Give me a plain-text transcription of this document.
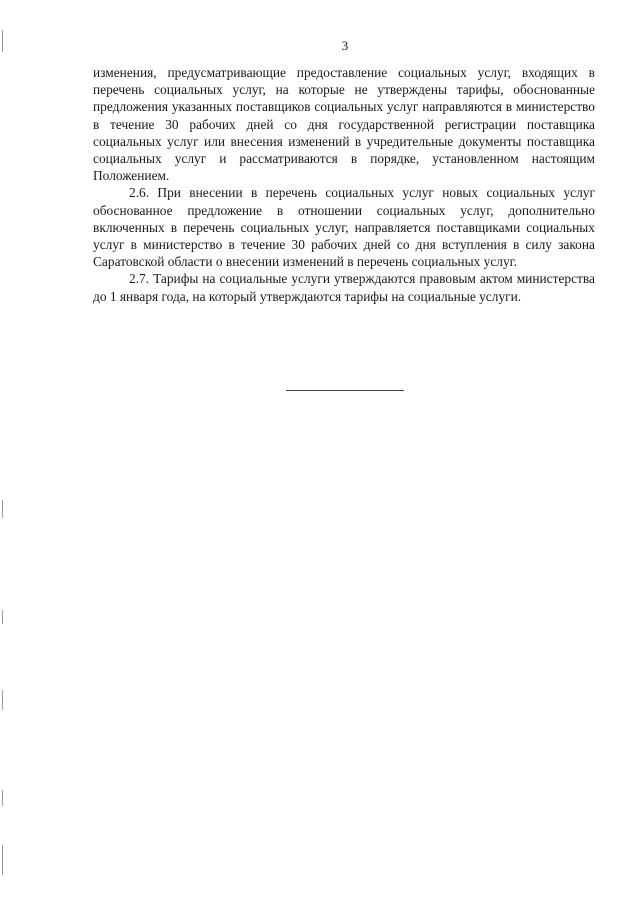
3

изменения, предусматривающие предоставление социальных услуг, входящих в перечень социальных услуг, на которые не утверждены тарифы, обоснованные предложения указанных поставщиков социальных услуг направляются в министерство в течение 30 рабочих дней со дня государственной регистрации поставщика социальных услуг или внесения изменений в учредительные документы поставщика социальных услуг и рассматриваются в порядке, установленном настоящим Положением.

2.6. При внесении в перечень социальных услуг новых социальных услуг обоснованное предложение в отношении социальных услуг, дополнительно включенных в перечень социальных услуг, направляется поставщиками социальных услуг в министерство в течение 30 рабочих дней со дня вступления в силу закона Саратовской области о внесении изменений в перечень социальных услуг.

2.7. Тарифы на социальные услуги утверждаются правовым актом министерства до 1 января года, на который утверждаются тарифы на социальные услуги.
